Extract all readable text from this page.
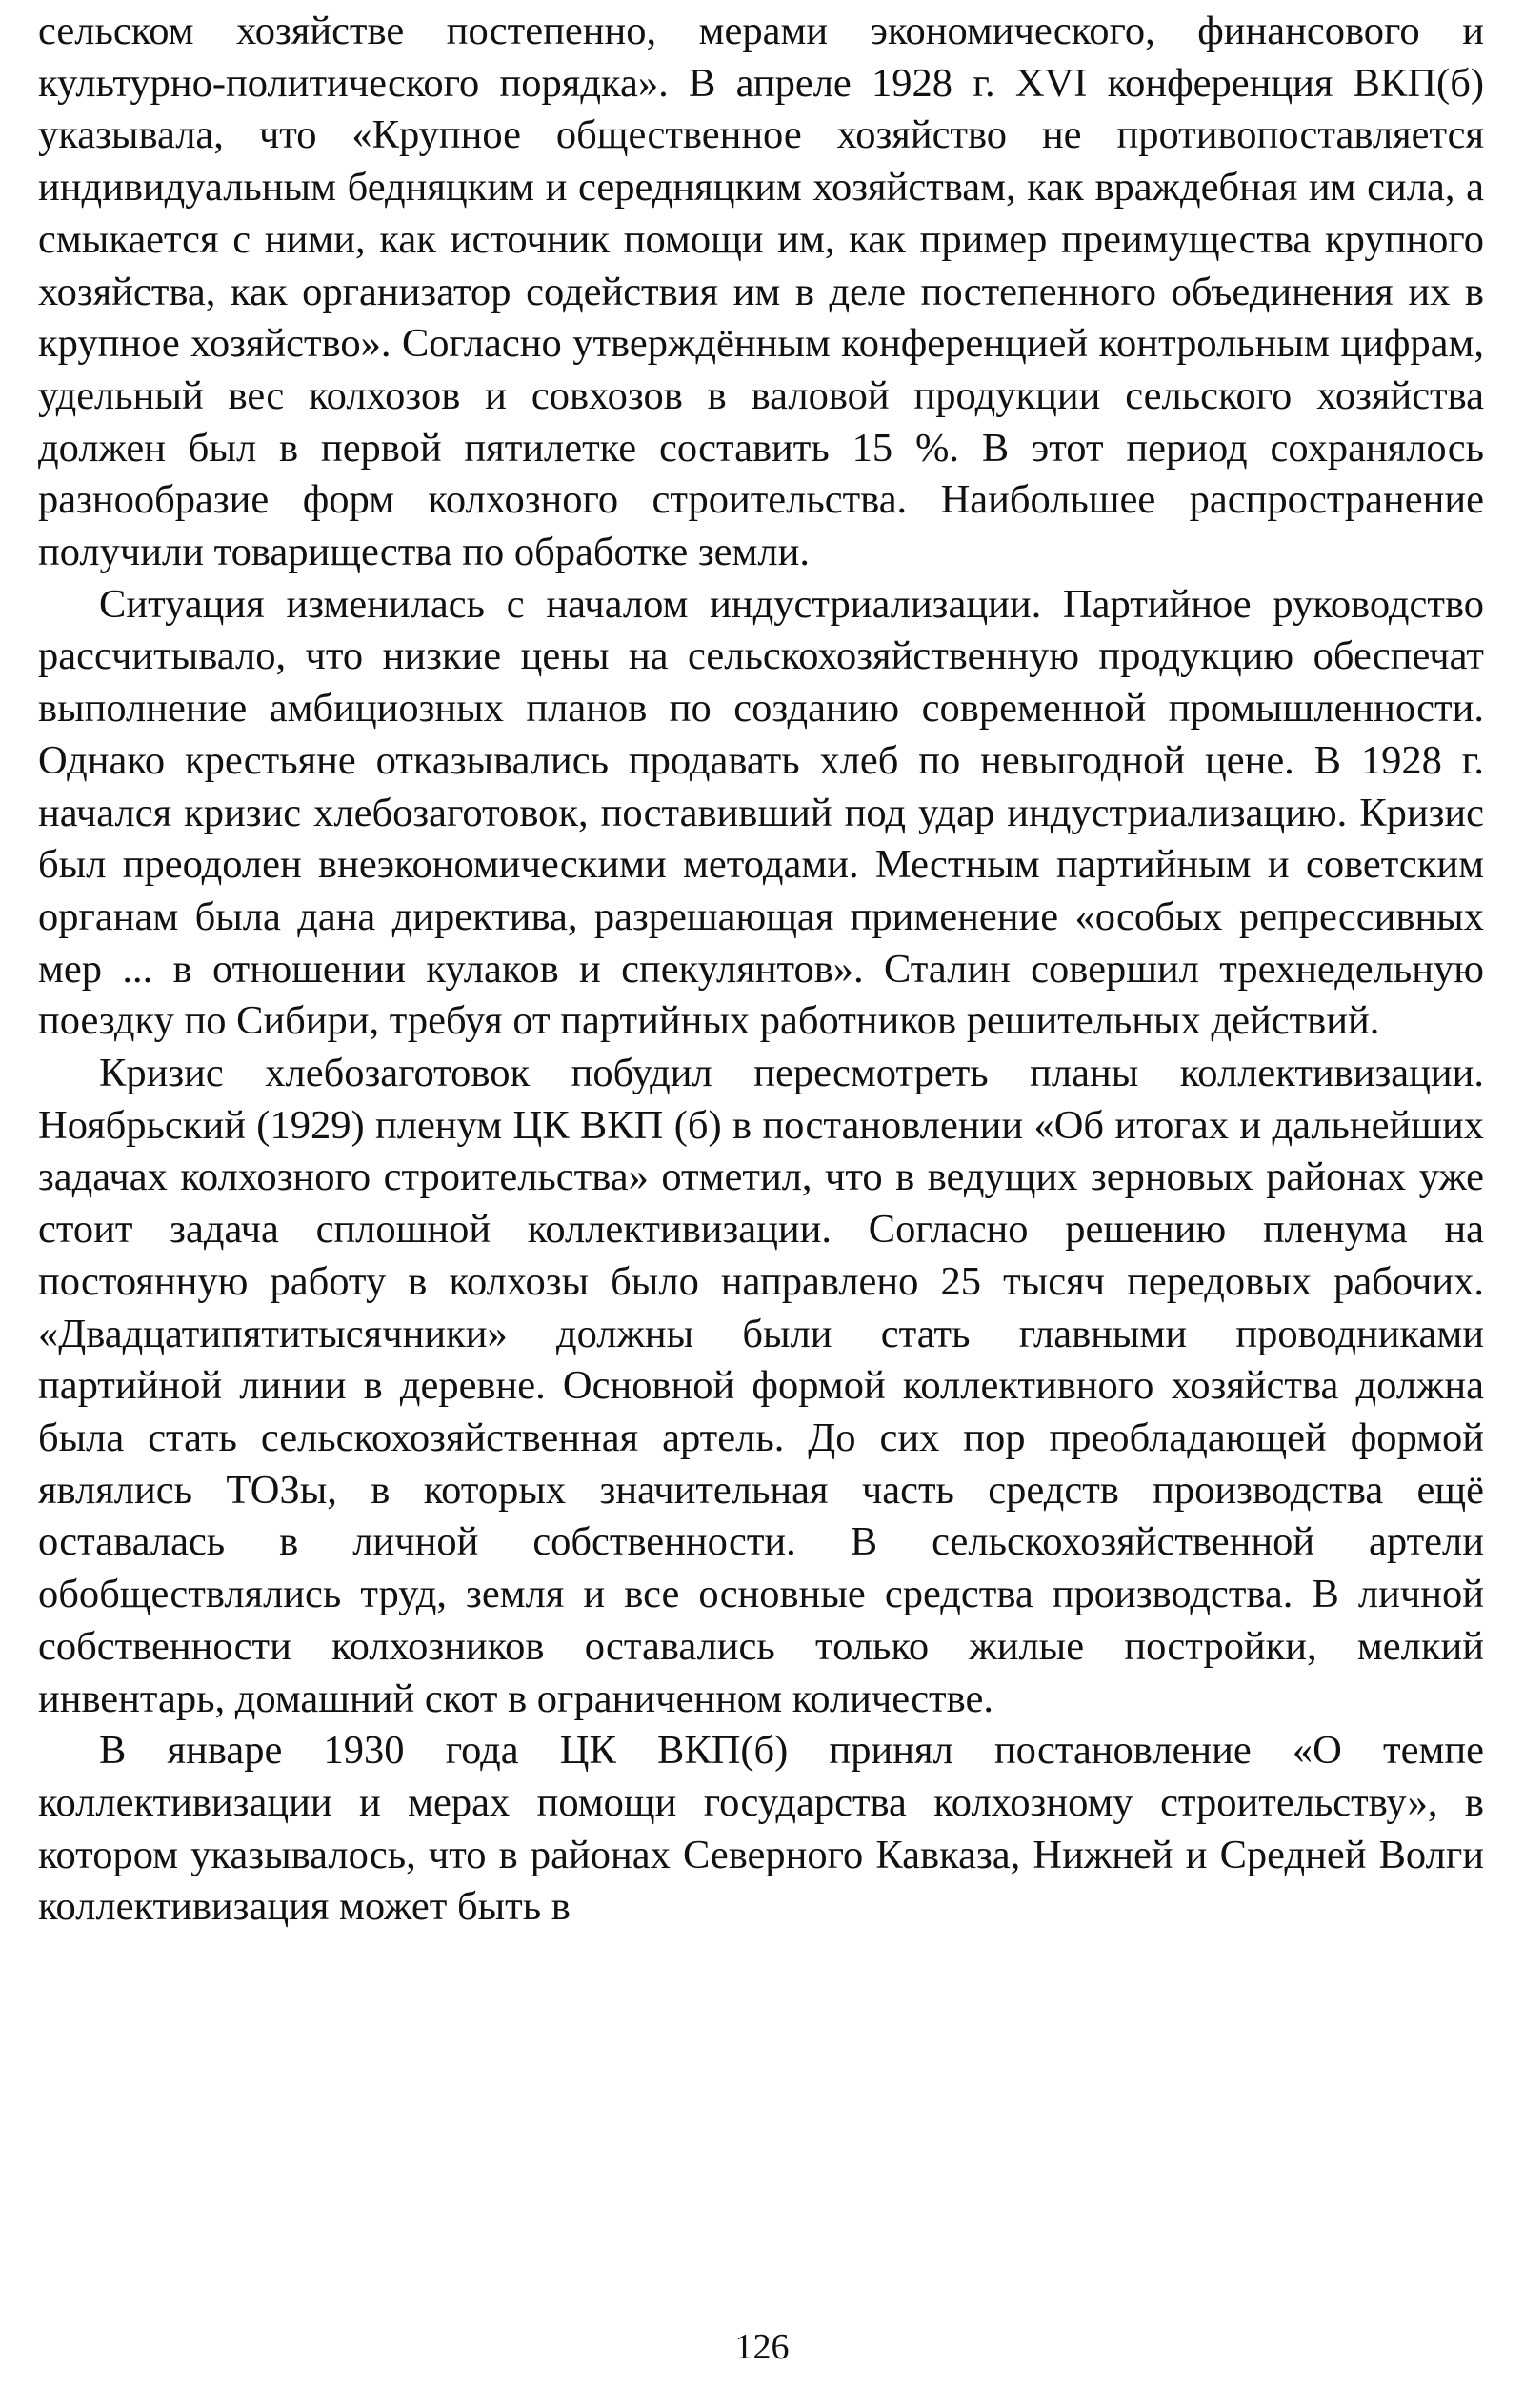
сельском хозяйстве постепенно, мерами экономического, финансового и культурно-политического порядка». В апреле 1928 г. XVI конференция ВКП(б) указывала, что «Крупное общественное хозяйство не противопоставляется индивидуальным бедняцким и середняцким хозяйствам, как враждебная им сила, а смыкается с ними, как источник помощи им, как пример преимущества крупного хозяйства, как организатор содействия им в деле постепенного объединения их в крупное хозяйство». Согласно утверждённым конференцией контрольным цифрам, удельный вес колхозов и совхозов в валовой продукции сельского хозяйства должен был в первой пятилетке составить 15 %. В этот период сохранялось разнообразие форм колхозного строительства. Наибольшее распространение получили товарищества по обработке земли.

Ситуация изменилась с началом индустриализации. Партийное руководство рассчитывало, что низкие цены на сельскохозяйственную продукцию обеспечат выполнение амбициозных планов по созданию современной промышленности. Однако крестьяне отказывались продавать хлеб по невыгодной цене. В 1928 г. начался кризис хлебозаготовок, поставивший под удар индустриализацию. Кризис был преодолен внеэкономическими методами. Местным партийным и советским органам была дана директива, разрешающая применение «особых репрессивных мер ... в отношении кулаков и спекулянтов». Сталин совершил трехнедельную поездку по Сибири, требуя от партийных работников решительных действий.

Кризис хлебозаготовок побудил пересмотреть планы коллективизации. Ноябрьский (1929) пленум ЦК ВКП (б) в постановлении «Об итогах и дальнейших задачах колхозного строительства» отметил, что в ведущих зерновых районах уже стоит задача сплошной коллективизации. Согласно решению пленума на постоянную работу в колхозы было направлено 25 тысяч передовых рабочих. «Двадцатипятитысячники» должны были стать главными проводниками партийной линии в деревне. Основной формой коллективного хозяйства должна была стать сельскохозяйственная артель. До сих пор преобладающей формой являлись ТОЗы, в которых значительная часть средств производства ещё оставалась в личной собственности. В сельскохозяйственной артели обобществлялись труд, земля и все основные средства производства. В личной собственности колхозников оставались только жилые постройки, мелкий инвентарь, домашний скот в ограниченном количестве.

В январе 1930 года ЦК ВКП(б) принял постановление «О темпе коллективизации и мерах помощи государства колхозному строительству», в котором указывалось, что в районах Северного Кавказа, Нижней и Средней Волги коллективизация может быть в

126
